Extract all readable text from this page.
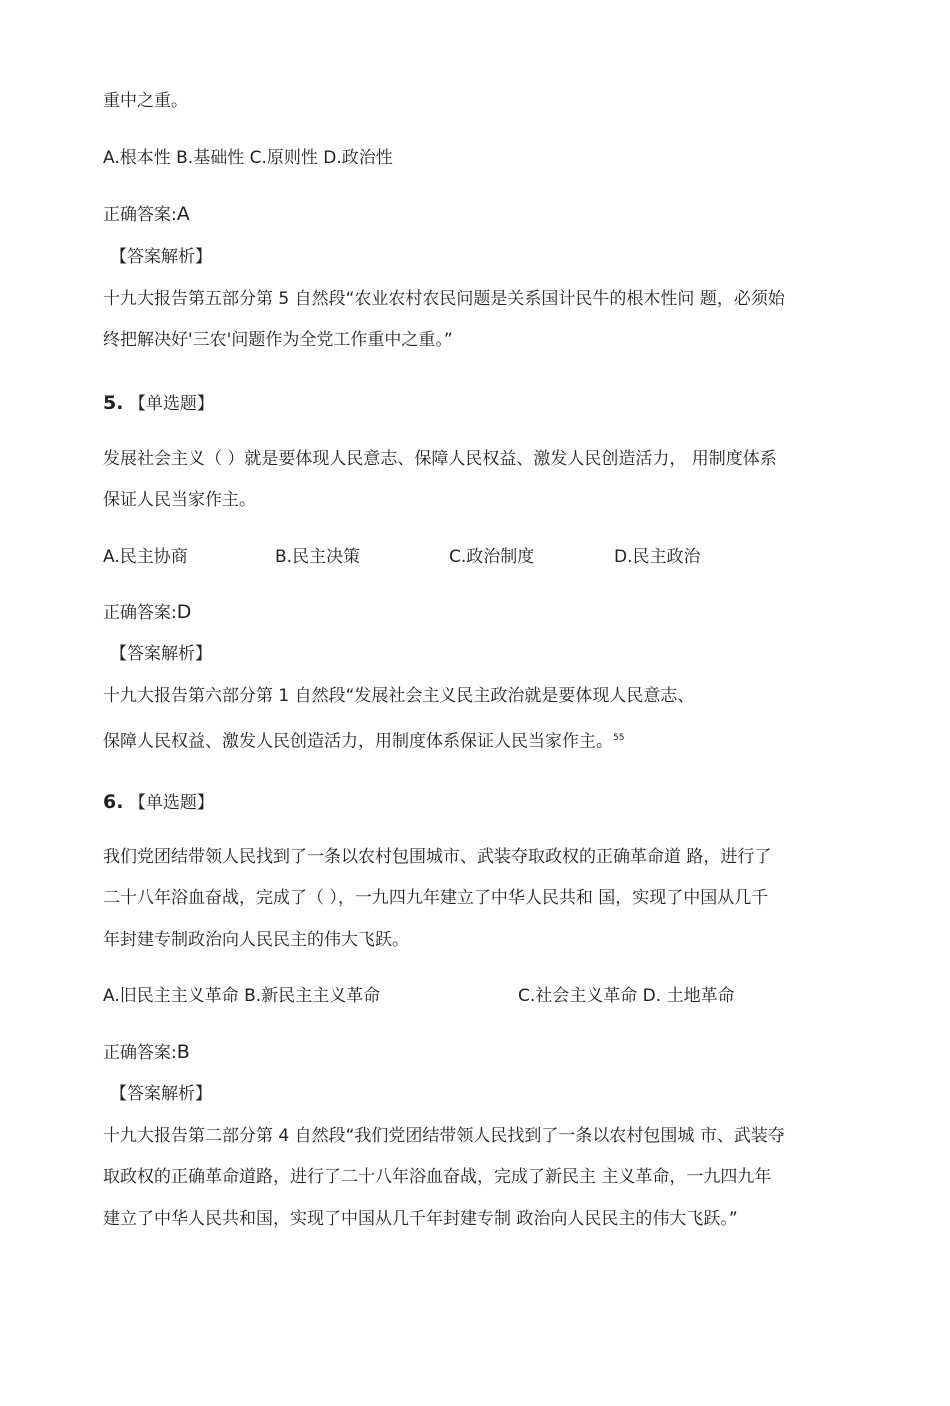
重中之重。
A.根本性 B.基础性 C.原则性 D.政治性
正确答案:A
【答案解析】
十九大报告第五部分第 5 自然段“农业农村农民问题是关系国计民牛的根木性问 题，必须始
终把解决好'三农'问题作为全党工作重中之重。”
5. 【单选题】
发展社会主义（ ）就是要体现人民意志、保障人民权益、激发人民创造活力， 用制度体系
保证人民当家作主。
A.民主协商	B.民主决策	C.政治制度	D.民主政治
正确答案:D
【答案解析】
十九大报告第六部分第 1 自然段“发展社会主义民主政治就是要体现人民意志、
保障人民权益、激发人民创造活力，用制度体系保证人民当家作主。$^{55}$
6. 【单选题】
我们党团结带领人民找到了一条以农村包围城市、武装夺取政权的正确革命道 路，进行了
二十八年浴血奋战，完成了（ ），一九四九年建立了中华人民共和 国，实现了中国从几千
年封建专制政治向人民民主的伟大飞跃。
A.旧民主主义革命 B.新民主主义革命	C.社会主义革命 D. 土地革命
正确答案:B
【答案解析】
十九大报告第二部分第 4 自然段“我们党团结带领人民找到了一条以农村包围城 市、武装夺
取政权的正确革命道路，进行了二十八年浴血奋战，完成了新民主 主义革命，一九四九年
建立了中华人民共和国，实现了中国从几千年封建专制 政治向人民民主的伟大飞跃。”
